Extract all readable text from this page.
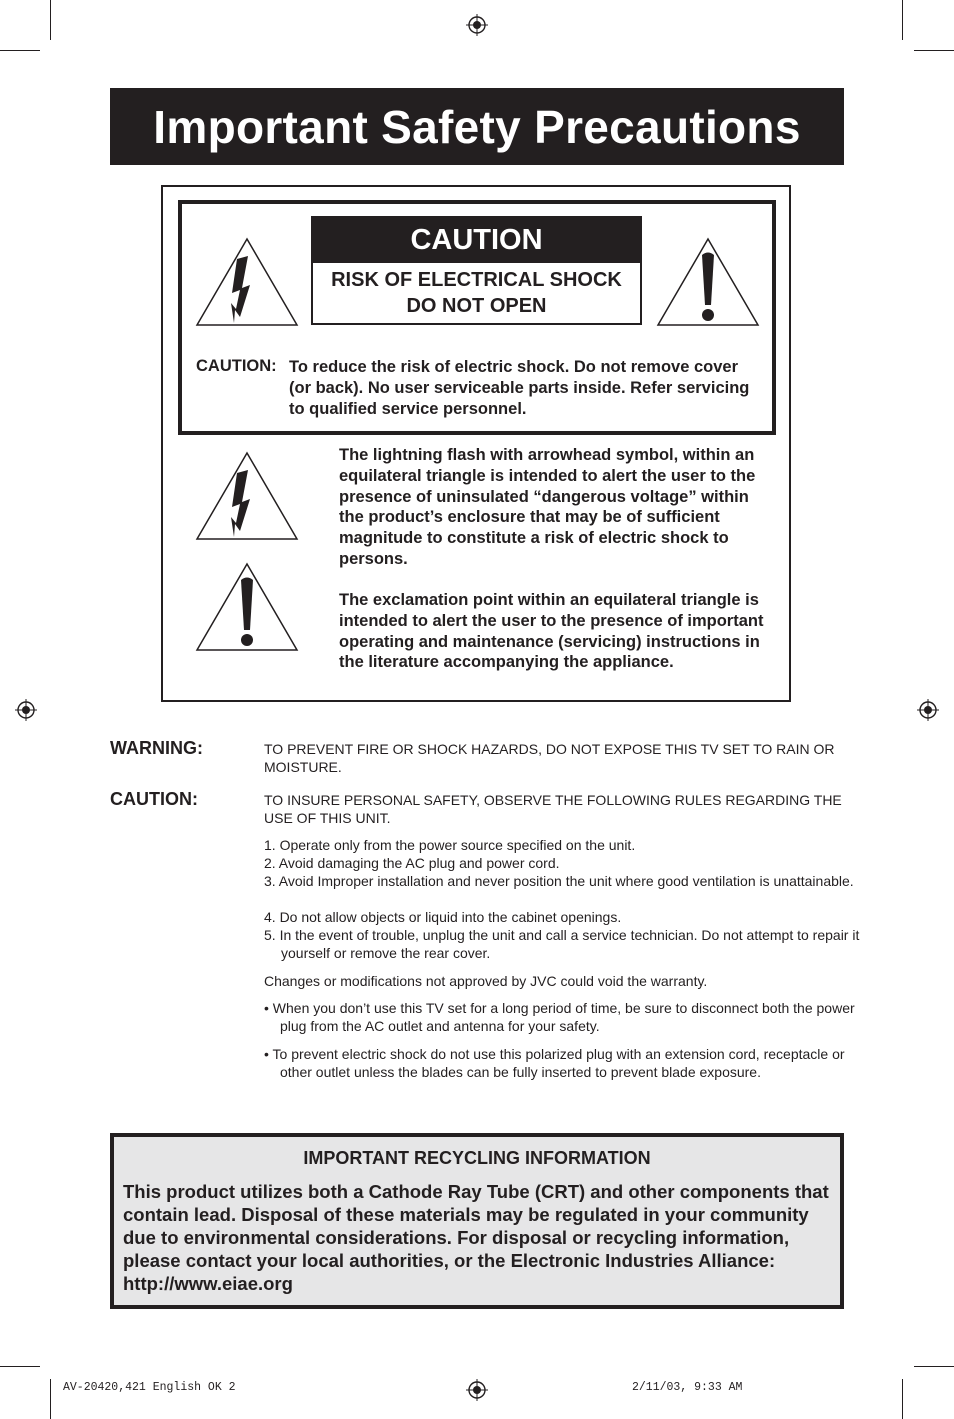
Important Safety Precautions
CAUTION
RISK OF ELECTRICAL SHOCK
DO NOT OPEN
CAUTION: To reduce the risk of electric shock. Do not remove cover (or back). No user serviceable parts inside. Refer servicing to qualified service personnel.
The lightning flash with arrowhead symbol, within an equilateral triangle is intended to alert the user to the presence of uninsulated “dangerous voltage” within the product’s enclosure that may be of sufficient magnitude to constitute a risk of electric shock to persons.
The exclamation point within an equilateral triangle is intended to alert the user to the presence of important operating and maintenance (servicing) instructions in the literature accompanying the appliance.
WARNING:	TO PREVENT FIRE OR SHOCK HAZARDS, DO NOT EXPOSE THIS TV SET TO RAIN OR MOISTURE.
CAUTION:	TO INSURE PERSONAL SAFETY, OBSERVE THE FOLLOWING RULES REGARDING THE USE OF THIS UNIT.
1. Operate only from the power source specified on the unit.
2. Avoid damaging the AC plug and power cord.
3. Avoid Improper installation and never position the unit where good ventilation is unattainable.
4. Do not allow objects or liquid into the cabinet openings.
5. In the event of trouble, unplug the unit and call a service technician. Do not attempt to repair it yourself or remove the rear cover.
Changes or modifications not approved by JVC could void the warranty.
• When you don’t use this TV set for a long period of time, be sure to disconnect both the power plug from the AC outlet and antenna for your safety.
• To prevent electric shock do not use this polarized plug with an extension cord, receptacle or other outlet unless the blades can be fully inserted to prevent blade exposure.
IMPORTANT RECYCLING INFORMATION
This product utilizes both a Cathode Ray Tube (CRT) and other components that contain lead. Disposal of these materials may be regulated in your community due to environmental considerations. For disposal or recycling information, please contact your local authorities, or the Electronic Industries Alliance: http://www.eiae.org
AV-20420,421 English OK 2	2/11/03, 9:33 AM
